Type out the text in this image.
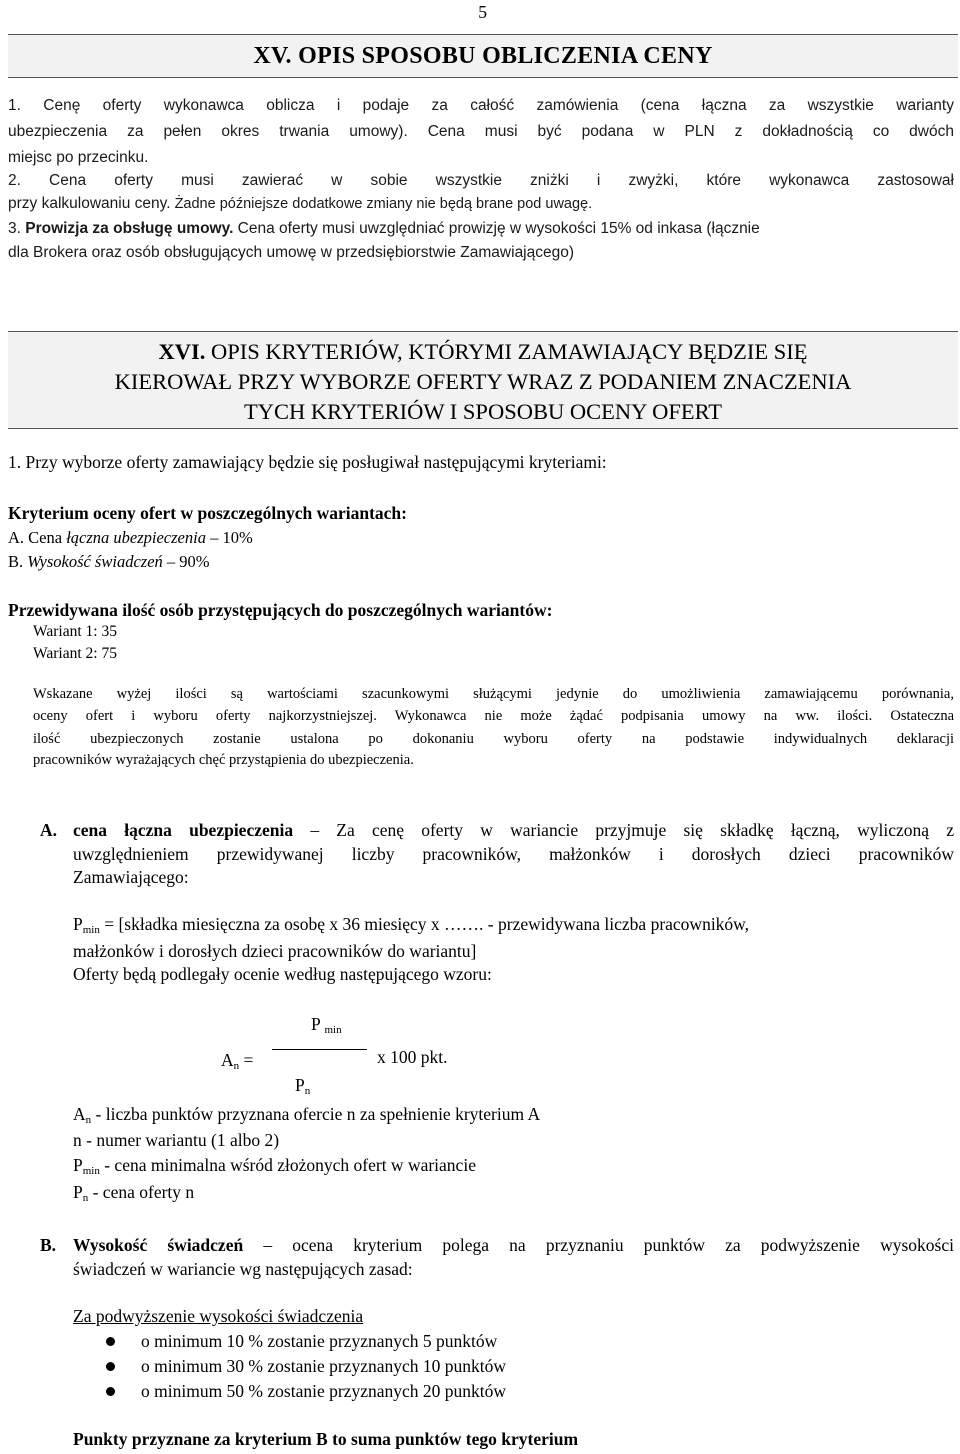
5
XV. OPIS SPOSOBU OBLICZENIA CENY
1. Cenę oferty wykonawca oblicza i podaje za całość zamówienia (cena łączna za wszystkie warianty
ubezpieczenia za pełen okres trwania umowy). Cena musi być podana w PLN z dokładnością co dwóch
miejsc po przecinku.
2. Cena oferty musi zawierać w sobie wszystkie zniżki i zwyżki, które wykonawca zastosował
przy kalkulowaniu ceny. Żadne późniejsze dodatkowe zmiany nie będą brane pod uwagę.
3. Prowizja za obsługę umowy. Cena oferty musi uwzględniać prowizję w wysokości 15% od inkasa (łącznie
dla Brokera oraz osób obsługujących umowę w przedsiębiorstwie Zamawiającego)
XVI. OPIS KRYTERIÓW, KTÓRYMI ZAMAWIAJĄCY BĘDZIE SIĘ
KIEROWAŁ PRZY WYBORZE OFERTY WRAZ Z PODANIEM ZNACZENIA
TYCH KRYTERIÓW I SPOSOBU OCENY OFERT
1. Przy wyborze oferty zamawiający będzie się posługiwał następującymi kryteriami:
Kryterium oceny ofert w poszczególnych wariantach:
A. Cena łączna ubezpieczenia – 10%
B. Wysokość świadczeń – 90%
Przewidywana ilość osób przystępujących do poszczególnych wariantów:
Wariant 1: 35
Wariant 2: 75
Wskazane wyżej ilości są wartościami szacunkowymi służącymi jedynie do umożliwienia zamawiającemu porównania,
oceny ofert i wyboru oferty najkorzystniejszej. Wykonawca nie może żądać podpisania umowy na ww. ilości. Ostateczna
ilość ubezpieczonych zostanie ustalona po dokonaniu wyboru oferty na podstawie indywidualnych deklaracji
pracowników wyrażających chęć przystąpienia do ubezpieczenia.
A. cena łączna ubezpieczenia – Za cenę oferty w wariancie przyjmuje się składkę łączną, wyliczoną z
uwzględnieniem przewidywanej liczby pracowników, małżonków i dorosłych dzieci pracowników
Zamawiającego:
$P_{min}$ = [składka miesięczna za osobę x 36 miesięcy x ……. - przewidywana liczba pracowników,
małżonków i dorosłych dzieci pracowników do wariantu]
Oferty będą podlegały ocenie według następującego wzoru:
P $_{min}$
$A_n$ =	x 100 pkt.
$P_n$
$A_n$ - liczba punktów przyznana ofercie n za spełnienie kryterium A
n - numer wariantu (1 albo 2)
$P_{min}$ - cena minimalna wśród złożonych ofert w wariancie
$P_n$ - cena oferty n
B. Wysokość świadczeń – ocena kryterium polega na przyznaniu punktów za podwyższenie wysokości
świadczeń w wariancie wg następujących zasad:
Za podwyższenie wysokości świadczenia
o minimum 10 % zostanie przyznanych 5 punktów
o minimum 30 % zostanie przyznanych 10 punktów
o minimum 50 % zostanie przyznanych 20 punktów
Punkty przyznane za kryterium B to suma punktów tego kryterium
